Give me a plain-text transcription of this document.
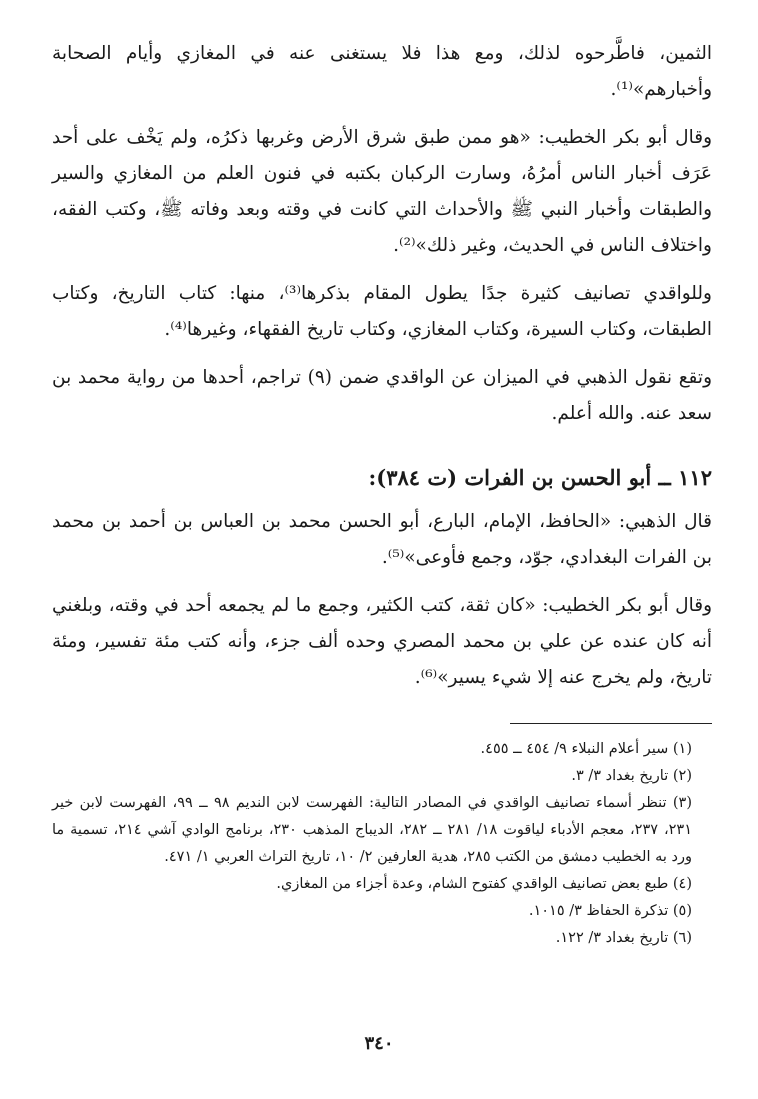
الثمين، فاطَّرحوه لذلك، ومع هذا فلا يستغنى عنه في المغازي وأيام الصحابة وأخبارهم»⁽¹⁾.

وقال أبو بكر الخطيب: «هو ممن طبق شرق الأرض وغربها ذكرُه، ولم يَخْف على أحد عَرَف أخبار الناس أمرُهُ، وسارت الركبان بكتبه في فنون العلم من المغازي والسير والطبقات وأخبار النبي ﷺ والأحداث التي كانت في وقته وبعد وفاته ﷺ، وكتب الفقه، واختلاف الناس في الحديث، وغير ذلك»⁽²⁾.

وللواقدي تصانيف كثيرة جدًا يطول المقام بذكرها⁽³⁾، منها: كتاب التاريخ، وكتاب الطبقات، وكتاب السيرة، وكتاب المغازي، وكتاب تاريخ الفقهاء، وغيرها⁽⁴⁾.

وتقع نقول الذهبي في الميزان عن الواقدي ضمن (٩) تراجم، أحدها من رواية محمد بن سعد عنه. والله أعلم.

١١٢ ــ أبو الحسن بن الفرات (ت ٣٨٤):

قال الذهبي: «الحافظ، الإمام، البارع، أبو الحسن محمد بن العباس بن أحمد بن محمد بن الفرات البغدادي، جوّد، وجمع فأوعى»⁽⁵⁾.

وقال أبو بكر الخطيب: «كان ثقة، كتب الكثير، وجمع ما لم يجمعه أحد في وقته، وبلغني أنه كان عنده عن علي بن محمد المصري وحده ألف جزء، وأنه كتب مئة تفسير، ومئة تاريخ، ولم يخرج عنه إلا شيء يسير»⁽⁶⁾.

(١) سير أعلام النبلاء ٩/ ٤٥٤ ــ ٤٥٥.

(٢) تاريخ بغداد ٣/ ٣.

(٣) تنظر أسماء تصانيف الواقدي في المصادر التالية: الفهرست لابن النديم ٩٨ ــ ٩٩، الفهرست لابن خير ٢٣١، ٢٣٧، معجم الأدباء لياقوت ١٨/ ٢٨١ ــ ٢٨٢، الديباج المذهب ٢٣٠، برنامج الوادي آشي ٢١٤، تسمية ما ورد به الخطيب دمشق من الكتب ٢٨٥، هدية العارفين ٢/ ١٠، تاريخ التراث العربي ١/ ٤٧١.

(٤) طبع بعض تصانيف الواقدي كفتوح الشام، وعدة أجزاء من المغازي.

(٥) تذكرة الحفاظ ٣/ ١٠١٥.

(٦) تاريخ بغداد ٣/ ١٢٢.

٣٤٠
